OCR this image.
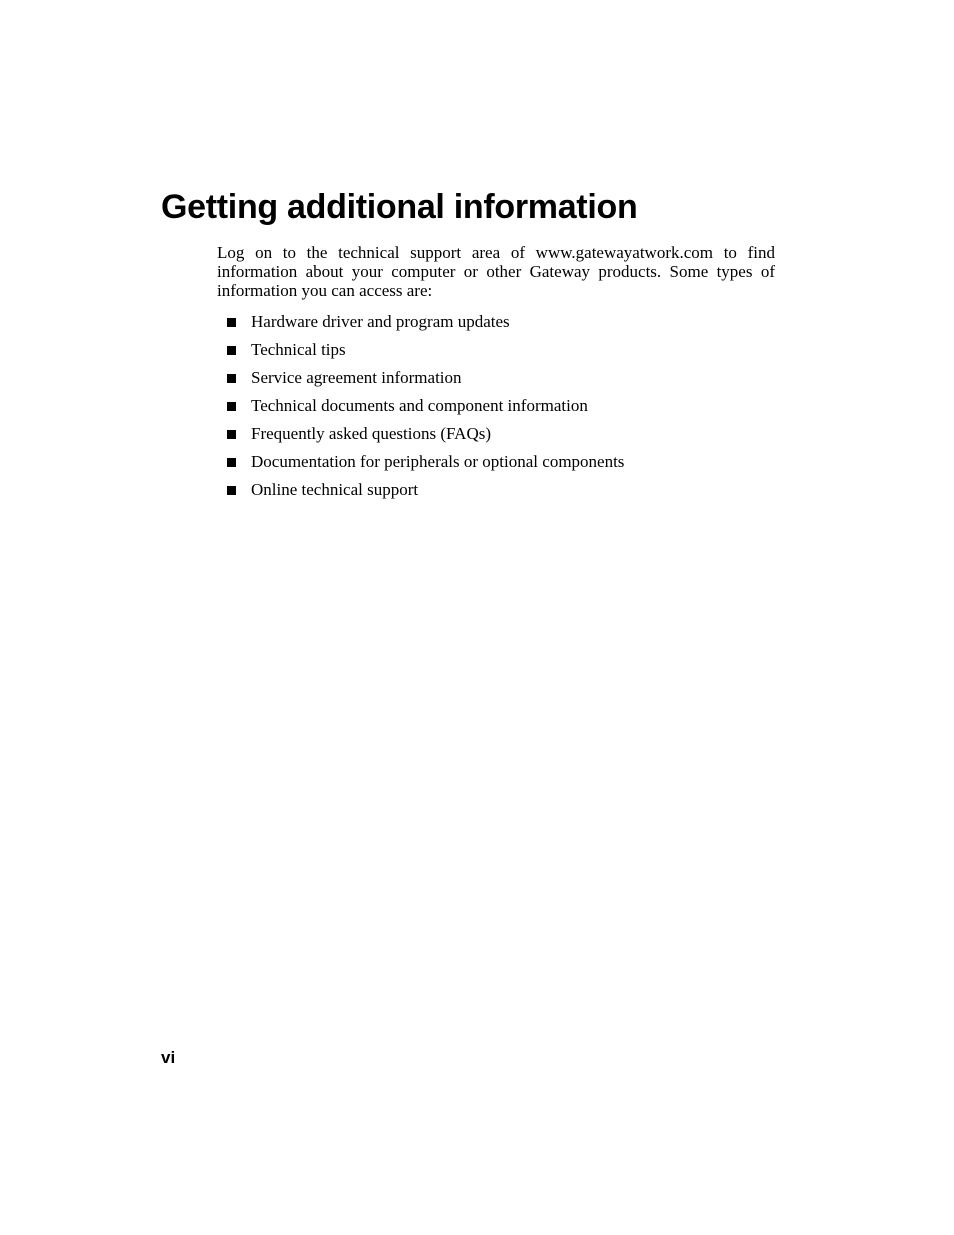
Getting additional information

Log on to the technical support area of www.gatewayatwork.com to find information about your computer or other Gateway products. Some types of information you can access are:

Hardware driver and program updates
Technical tips
Service agreement information
Technical documents and component information
Frequently asked questions (FAQs)
Documentation for peripherals or optional components
Online technical support
vi
